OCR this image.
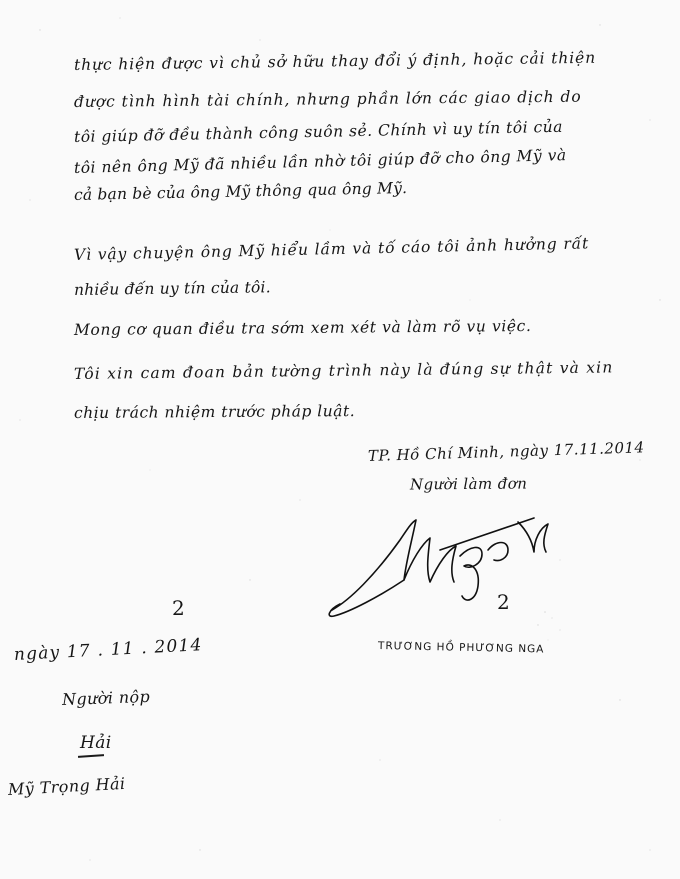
thực hiện được vì chủ sở hữu thay đổi ý định, hoặc cải thiện
được tình hình tài chính, nhưng phần lớn các giao dịch do
tôi giúp đỡ đều thành công suôn sẻ. Chính vì uy tín tôi của
tôi nên ông Mỹ đã nhiều lần nhờ tôi giúp đỡ cho ông Mỹ và
cả bạn bè của ông Mỹ thông qua ông Mỹ.
Vì vậy chuyện ông Mỹ hiểu lầm và tố cáo tôi ảnh hưởng rất
nhiều đến uy tín của tôi.
Mong cơ quan điều tra sớm xem xét và làm rõ vụ việc.
Tôi xin cam đoan bản tường trình này là đúng sự thật và xin
chịu trách nhiệm trước pháp luật.
TP. Hồ Chí Minh, ngày 17.11.2014
Người làm đơn
2	2
TRƯƠNG HỒ PHƯƠNG NGA
ngày 17 . 11 . 2014
Người nộp
Hải
Mỹ Trọng Hải
